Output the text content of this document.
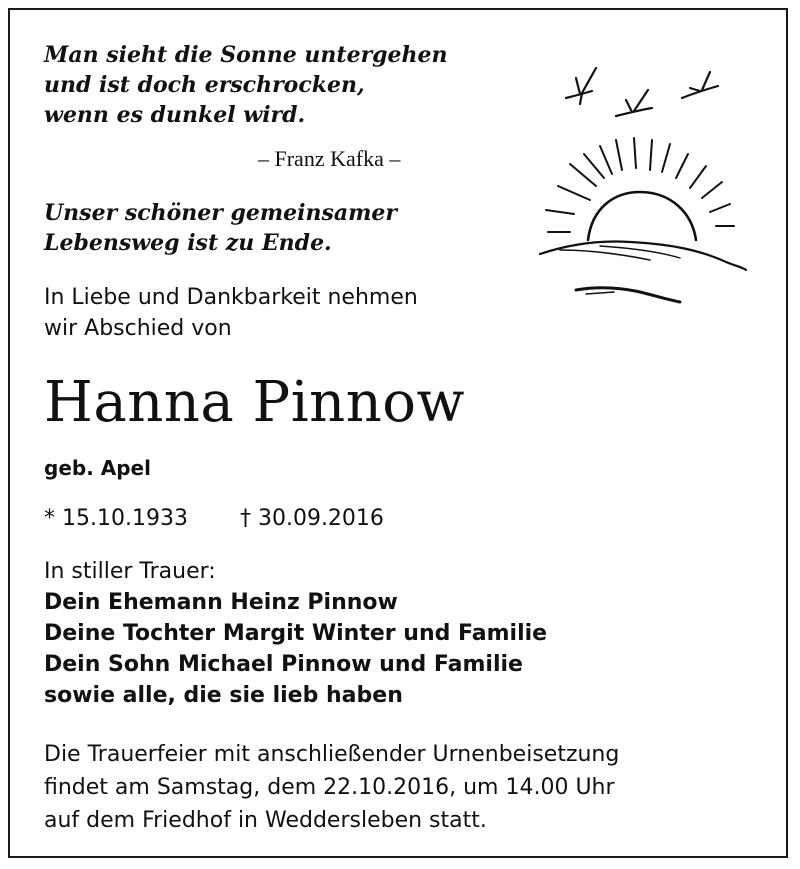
Man sieht die Sonne untergehen
und ist doch erschrocken,
wenn es dunkel wird.
– Franz Kafka –
Unser schöner gemeinsamer
Lebensweg ist zu Ende.
In Liebe und Dankbarkeit nehmen
wir Abschied von
Hanna Pinnow
geb. Apel
* 15.10.1933 † 30.09.2016
In stiller Trauer:
Dein Ehemann Heinz Pinnow
Deine Tochter Margit Winter und Familie
Dein Sohn Michael Pinnow und Familie
sowie alle, die sie lieb haben
Die Trauerfeier mit anschließender Urnenbeisetzung
findet am Samstag, dem 22.10.2016, um 14.00 Uhr
auf dem Friedhof in Weddersleben statt.
